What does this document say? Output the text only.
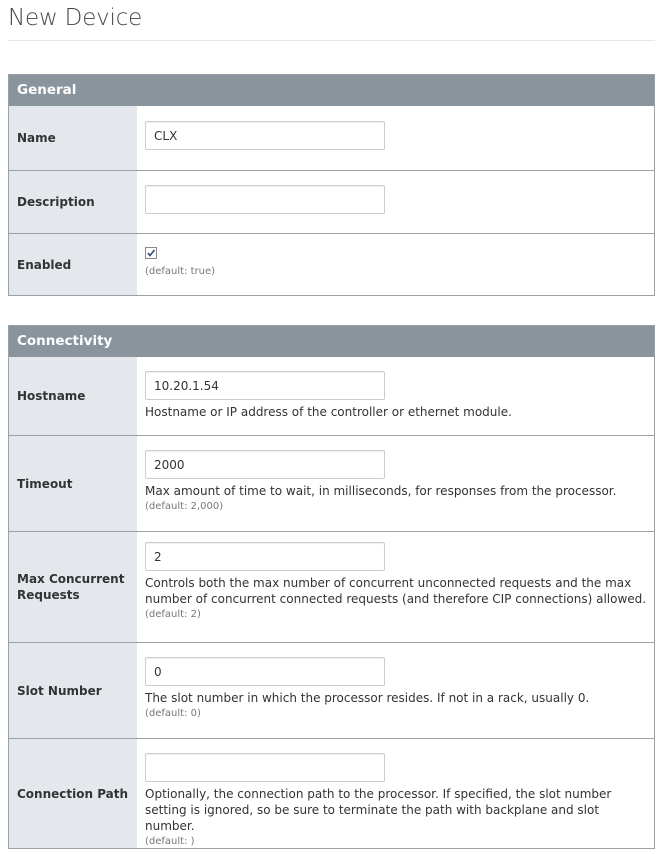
New Device
General
Name
CLX
Description
Enabled	(default: true)
Connectivity
Hostname
10.20.1.54
Hostname or IP address of the controller or ethernet module.
Timeout
2000
Max amount of time to wait, in milliseconds, for responses from the processor.
(default: 2,000)
Max Concurrent Requests
2
Controls both the max number of concurrent unconnected requests and the max number of concurrent connected requests (and therefore CIP connections) allowed.
(default: 2)
Slot Number
0
The slot number in which the processor resides. If not in a rack, usually 0.
(default: 0)
Connection Path	Optionally, the connection path to the processor. If specified, the slot number setting is ignored, so be sure to terminate the path with backplane and slot number.
(default: )
